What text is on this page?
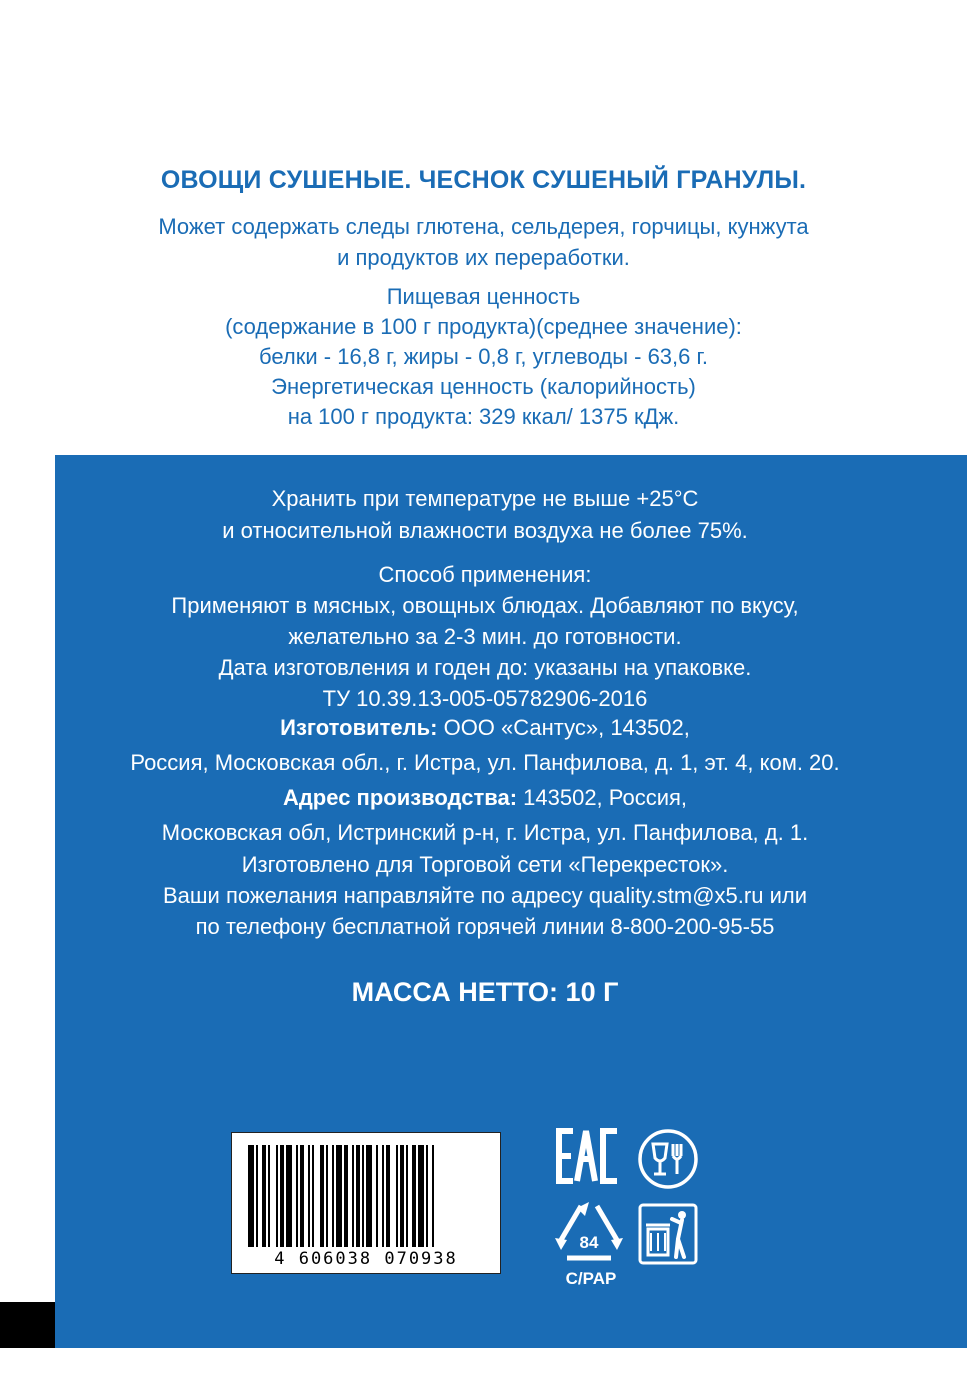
ОВОЩИ СУШЕНЫЕ. ЧЕСНОК СУШЕНЫЙ ГРАНУЛЫ.
Может содержать следы глютена, сельдерея, горчицы, кунжута
и продуктов их переработки.
Пищевая ценность
(содержание в 100 г продукта)(среднее значение):
белки - 16,8 г, жиры - 0,8 г, углеводы - 63,6 г.
Энергетическая ценность (калорийность)
на 100 г продукта: 329 ккал/ 1375 кДж.
Хранить при температуре не выше +25°С
и относительной влажности воздуха не более 75%.
Способ применения:
Применяют в мясных, овощных блюдах. Добавляют по вкусу,
желательно за 2-3 мин. до готовности.
Дата изготовления и годен до: указаны на упаковке.
ТУ 10.39.13-005-05782906-2016
Изготовитель: ООО «Сантус», 143502,
Россия, Московская обл., г. Истра, ул. Панфилова, д. 1, эт. 4, ком. 20.
Адрес производства: 143502, Россия,
Московская обл, Истринский р-н, г. Истра, ул. Панфилова, д. 1.
Изготовлено для Торговой сети «Перекресток».
Ваши пожелания направляйте по адресу quality.stm@x5.ru или
по телефону бесплатной горячей линии 8-800-200-95-55
МАССА НЕТТО: 10 Г
4 606038 070938
84
C/PAP
